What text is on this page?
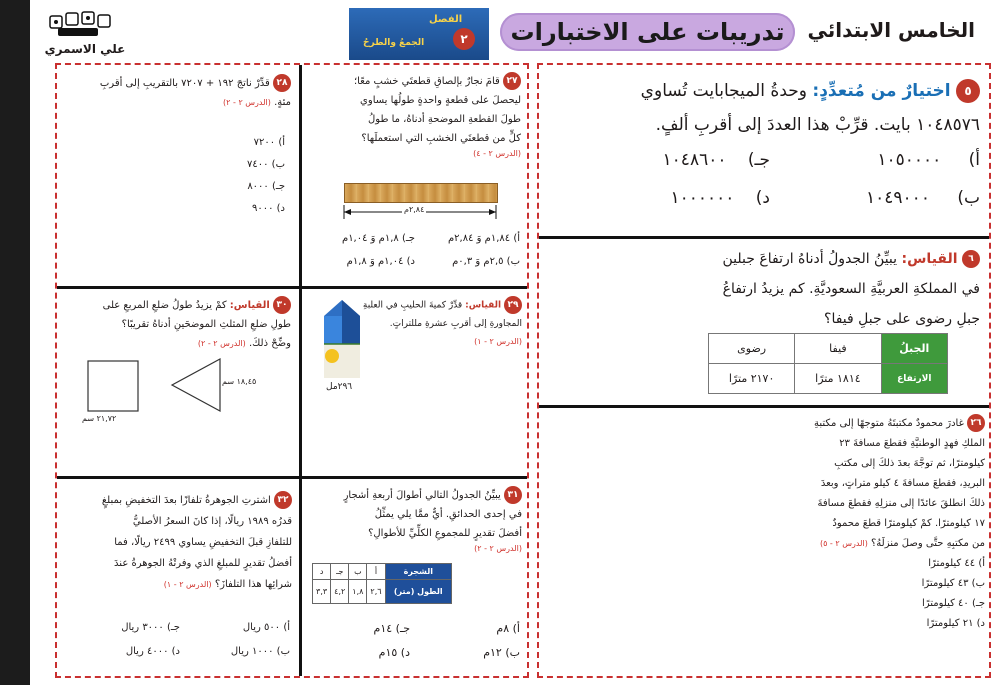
علي الاسمري
الفصل
٢
الجمعُ والطرحُ	تدريبات على الاختبارات	الخامس الابتدائي
٥ اختيارٌ من مُتعدِّدٍ: وحدةُ الميجابايت تُساوي
١٠٤٨٥٧٦ بايت. قرِّبْ هذا العددَ إلى أقربِ ألفٍ.
أ) ١٠٥٠٠٠٠
جـ) ١٠٤٨٦٠٠
ب) ١٠٤٩٠٠٠
د) ١٠٠٠٠٠٠
٦ القياس: يبيِّنُ الجدولُ أدناهُ ارتفاعَ جبلين
في المملكةِ العربيَّةِ السعوديَّةِ. كم يزيدُ ارتفاعُ
جبلِ رضوى على جبلِ فيفا؟
الجبلُ	فيفا	رضوى
الارتفاع	١٨١٤ مترًا	٢١٧٠ مترًا
٢٦ غادرَ محمودٌ مكتبتَهُ متوجهًا إلى مكتبةِ
الملكِ فهدٍ الوطنيَّةِ فقطعَ مسافةَ ٢٣
كيلومترًا، ثم توجَّهَ بعدَ ذلكَ إلى مكتبِ
البريدِ، فقطعَ مسافةَ ٤ كيلو متراتٍ، وبعدَ
ذلكَ انطلقَ عائدًا إلى منزلِهِ فقطعَ مسافةَ
١٧ كيلومترًا. كمْ كيلومترًا قطعَ محمودٌ
من مكتبِهِ حتَّى وصلَ منزلَهُ؟ (الدرس ٢ - ٥)
أ) ٤٤ كيلومترًا
ب) ٤٣ كيلومترًا
جـ) ٤٠ كيلومترًا
د) ٢١ كيلومترًا
٢٧ قامَ نجارٌ بإلصاقِ قطعتَي خشبٍ معًا؛
ليحصلَ على قطعةٍ واحدةٍ طولُها يساوي
طولَ القطعةِ الموضحةِ أدناهُ، ما طولُ
كلٍّ من قطعتَي الخشبِ التي استعملَها؟
(الدرس ٢ - ٤)
٢,٨٤م
أ) ١,٨٤م وَ ٢,٨٤م
جـ) ١,٨م وَ ١,٠٤م
ب) ٢,٥م وَ ٠,٣م
د) ١,٠٤م وَ ١,٨م
٢٨ قدِّرْ ناتجَ ١٩٢ + ٧٢٠٧ بالتقريبِ إلى أقربِ
مئةٍ. (الدرس ٢ - ٢)
أ) ٧٢٠٠
ب) ٧٤٠٠
جـ) ٨٠٠٠
د) ٩٠٠٠
٢٩ القياس: قدِّرْ كميةَ الحليبِ في العلبةِ
المجاورةِ إلى أقربِ عشرةِ مللتراتٍ.
(الدرس ٢ - ١)
٢٩٦مل
٣٠ القياس: كمْ يزيدُ طولُ ضلعِ المربعِ على
طولِ ضلعِ المثلثِ الموضحَينِ أدناهُ تقريبًا؟
وضِّحْ ذلكَ. (الدرس ٢ - ٢)
١٨,٤٥ سم
٢١,٧٢ سم
٣١ يبيِّنُ الجدولُ التالي أطوالَ أربعةِ أشجارٍ
في إحدى الحدائقِ. أيٌّ ممَّا يلي يمثِّلُ
أفضلَ تقديرٍ للمجموعِ الكلِّيِّ للأطوالِ؟
(الدرس ٢ - ٢)
الشجرة	أ	ب	جـ	د
الطول (متر)	٢,٦	١,٨	٤,٢	٣,٣
أ) ٨م
جـ) ١٤م
ب) ١٢م
د) ١٥م
٣٢ اشترتِ الجوهرةُ تلفازًا بعدَ التخفيضِ بمبلغٍ
قدرُه ١٩٨٩ ريالًا، إذا كانَ السعرُ الأصليُّ
للتلفازِ قبلَ التخفيضِ يساوي ٢٤٩٩ ريالًا، فما
أفضلُ تقديرٍ للمبلغِ الذي وفرتْهُ الجوهرةُ عندَ
شرائِها هذا التلفازَ؟ (الدرس ٢ - ١)
أ) ٥٠٠ ريال
جـ) ٣٠٠٠ ريال
ب) ١٠٠٠ ريال
د) ٤٠٠٠ ريال
